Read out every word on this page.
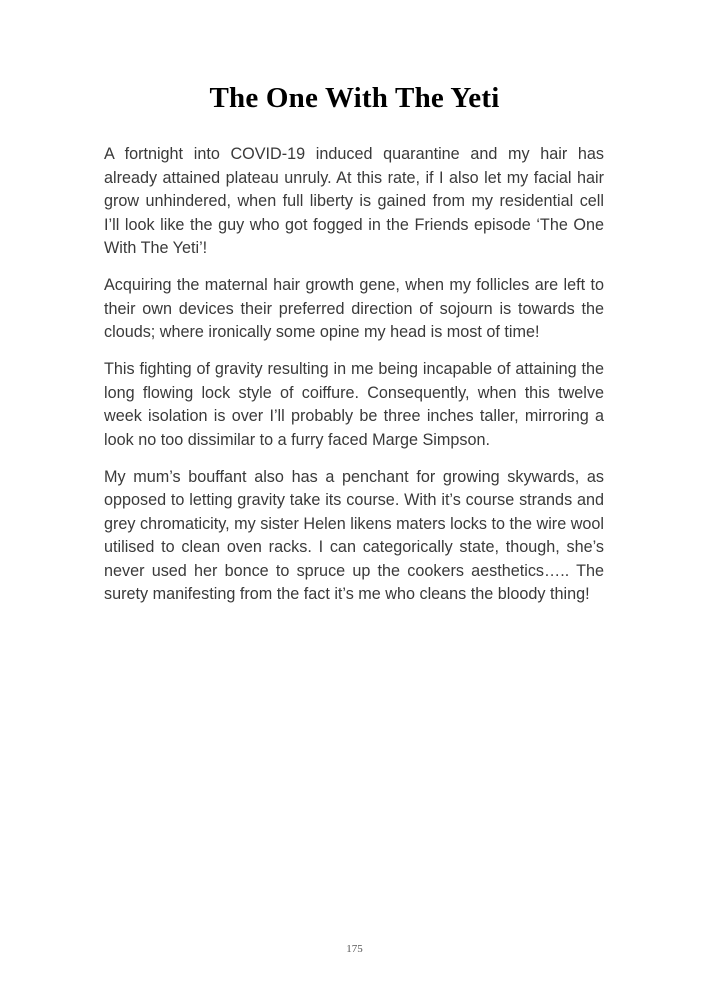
The One With The Yeti

A fortnight into COVID-19 induced quarantine and my hair has already attained plateau unruly. At this rate, if I also let my facial hair grow unhindered, when full liberty is gained from my residential cell I’ll look like the guy who got fogged in the Friends episode ‘The One With The Yeti’!

Acquiring the maternal hair growth gene, when my follicles are left to their own devices their preferred direction of sojourn is towards the clouds; where ironically some opine my head is most of time!

This fighting of gravity resulting in me being incapable of attaining the long flowing lock style of coiffure. Consequently, when this twelve week isolation is over I’ll probably be three inches taller, mirroring a look no too dissimilar to a furry faced Marge Simpson.

My mum’s bouffant also has a penchant for growing skywards, as opposed to letting gravity take its course. With it’s course strands and grey chromaticity, my sister Helen likens maters locks to the wire wool utilised to clean oven racks. I can categorically state, though, she’s never used her bonce to spruce up the cookers aesthetics….. The surety manifesting from the fact it’s me who cleans the bloody thing!

175
